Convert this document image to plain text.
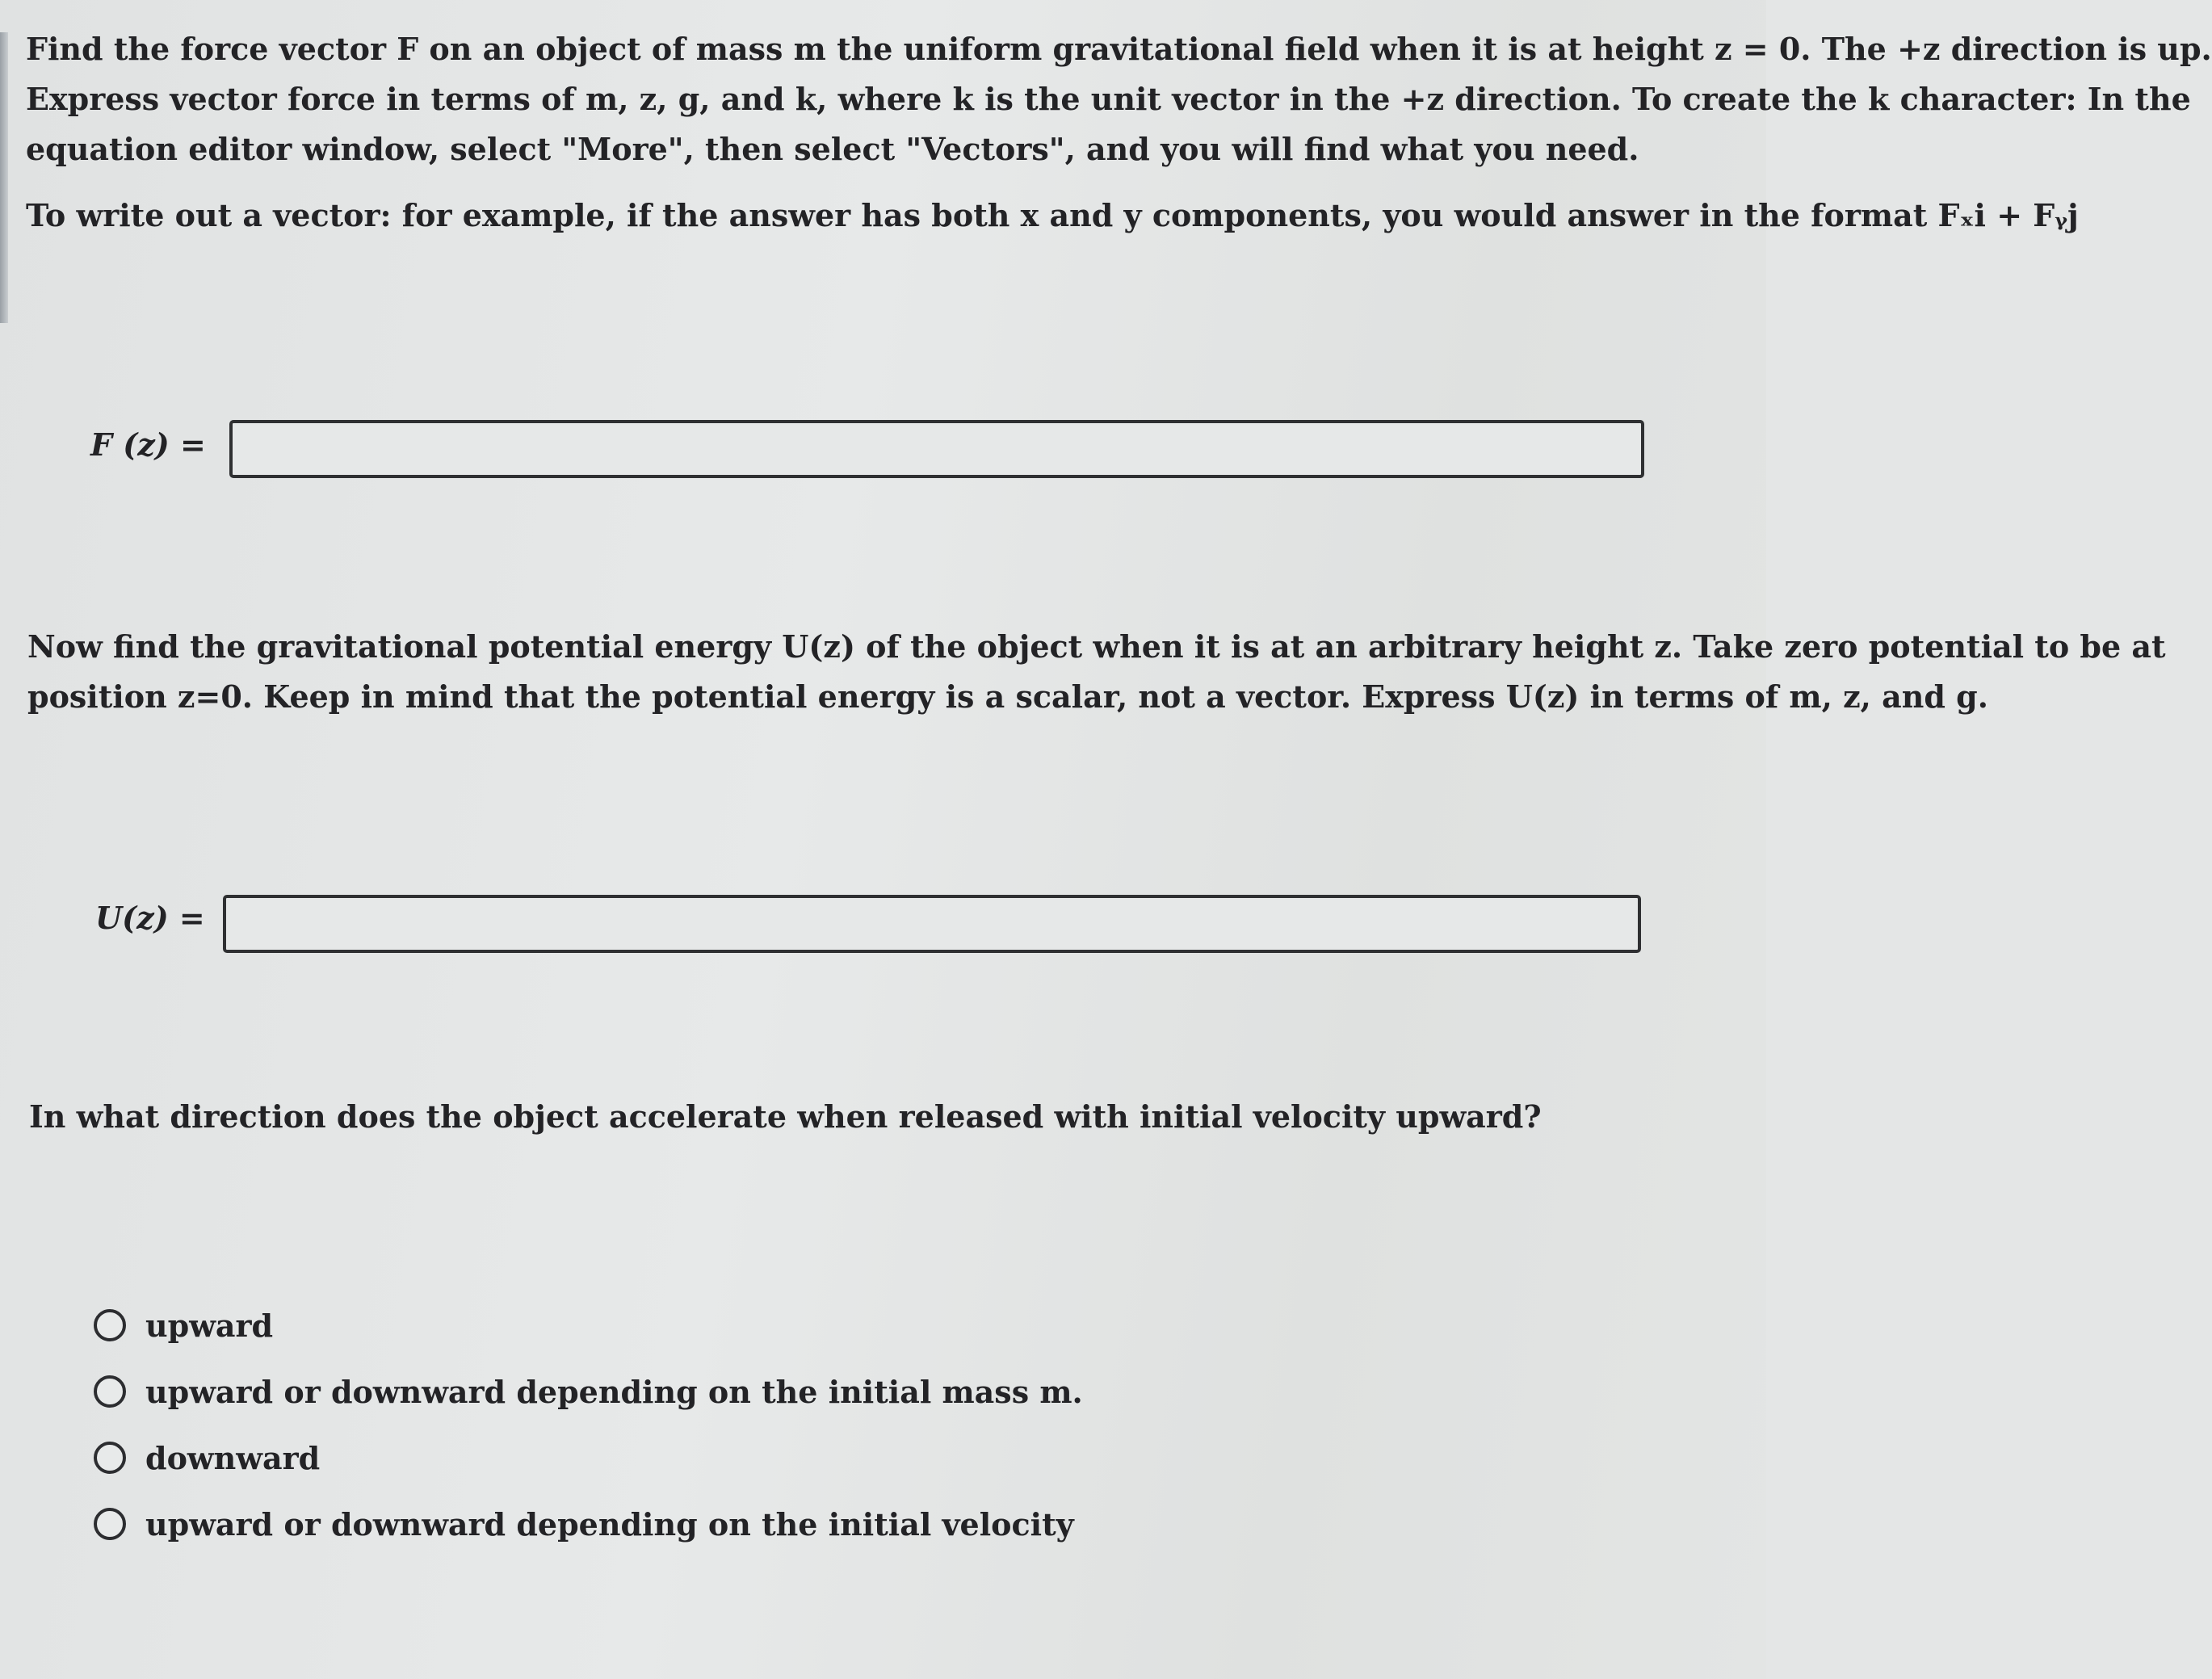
Find the force vector F on an object of mass m the uniform gravitational field when it is at height z = 0. The +z direction is up.
Express vector force in terms of m, z, g, and k, where k is the unit vector in the +z direction. To create the k character: In the
equation editor window, select "More", then select "Vectors", and you will find what you need.
To write out a vector: for example, if the answer has both x and y components, you would answer in the format Fₓi + Fᵧj
F (z) =
Now find the gravitational potential energy U(z) of the object when it is at an arbitrary height z. Take zero potential to be at
position z=0. Keep in mind that the potential energy is a scalar, not a vector. Express U(z) in terms of m, z, and g.
U(z) =
In what direction does the object accelerate when released with initial velocity upward?
upward
upward or downward depending on the initial mass m.
downward
upward or downward depending on the initial velocity
